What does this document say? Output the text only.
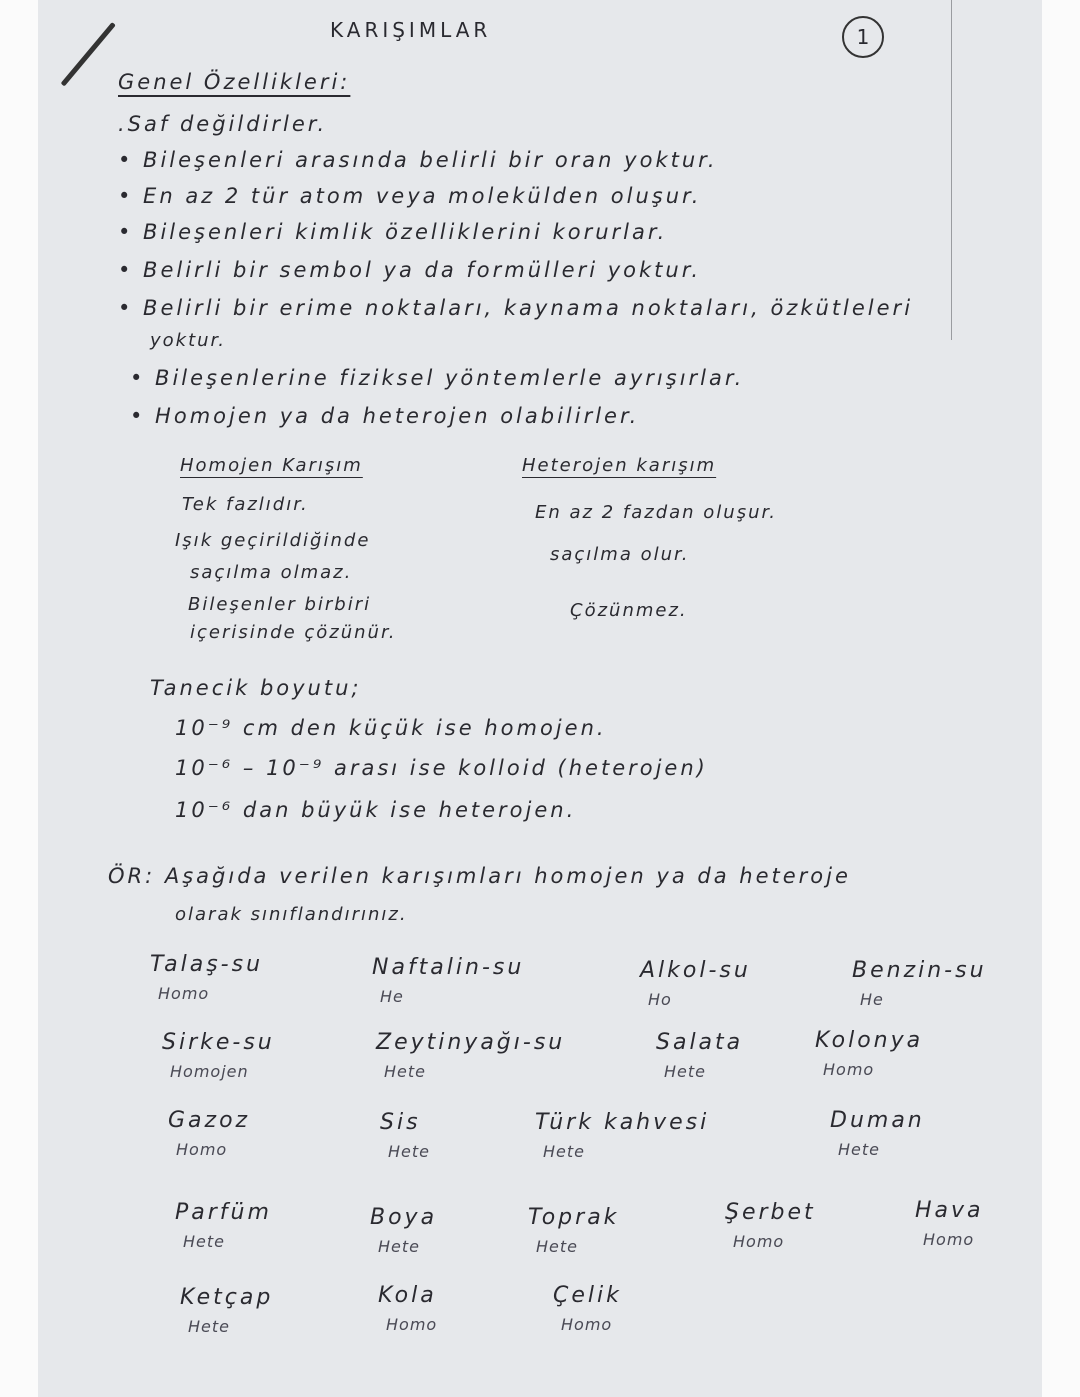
KARIŞIMLAR	1
Genel Özellikleri:
.Saf değildirler.
• Bileşenleri arasında belirli bir oran yoktur.
• En az 2 tür atom veya molekülden oluşur.
• Bileşenleri kimlik özelliklerini korurlar.
• Belirli bir sembol ya da formülleri yoktur.
• Belirli bir erime noktaları, kaynama noktaları, özkütleleri
yoktur.
• Bileşenlerine fiziksel yöntemlerle ayrışırlar.
• Homojen ya da heterojen olabilirler.
Homojen Karışım
Tek fazlıdır.
Işık geçirildiğinde
saçılma olmaz.
Bileşenler birbiri
içerisinde çözünür.
Heterojen karışım
En az 2 fazdan oluşur.
saçılma olur.
Çözünmez.
Tanecik boyutu;
10⁻⁹ cm den küçük ise homojen.
10⁻⁶ – 10⁻⁹ arası ise kolloid (heterojen)
10⁻⁶ dan büyük ise heterojen.
ÖR: Aşağıda verilen karışımları homojen ya da heteroje
olarak sınıflandırınız.
Talaş-su
Homo
Naftalin-su
He
Alkol-su
Ho
Benzin-su
He
Sirke-su
Homojen
Zeytinyağı-su
Hete
Salata
Hete
Kolonya
Homo
Gazoz
Homo
Sis
Hete
Türk kahvesi
Hete
Duman
Hete
Parfüm
Hete
Boya
Hete
Toprak
Hete
Şerbet
Homo
Hava
Homo
Ketçap
Hete
Kola
Homo
Çelik
Homo
